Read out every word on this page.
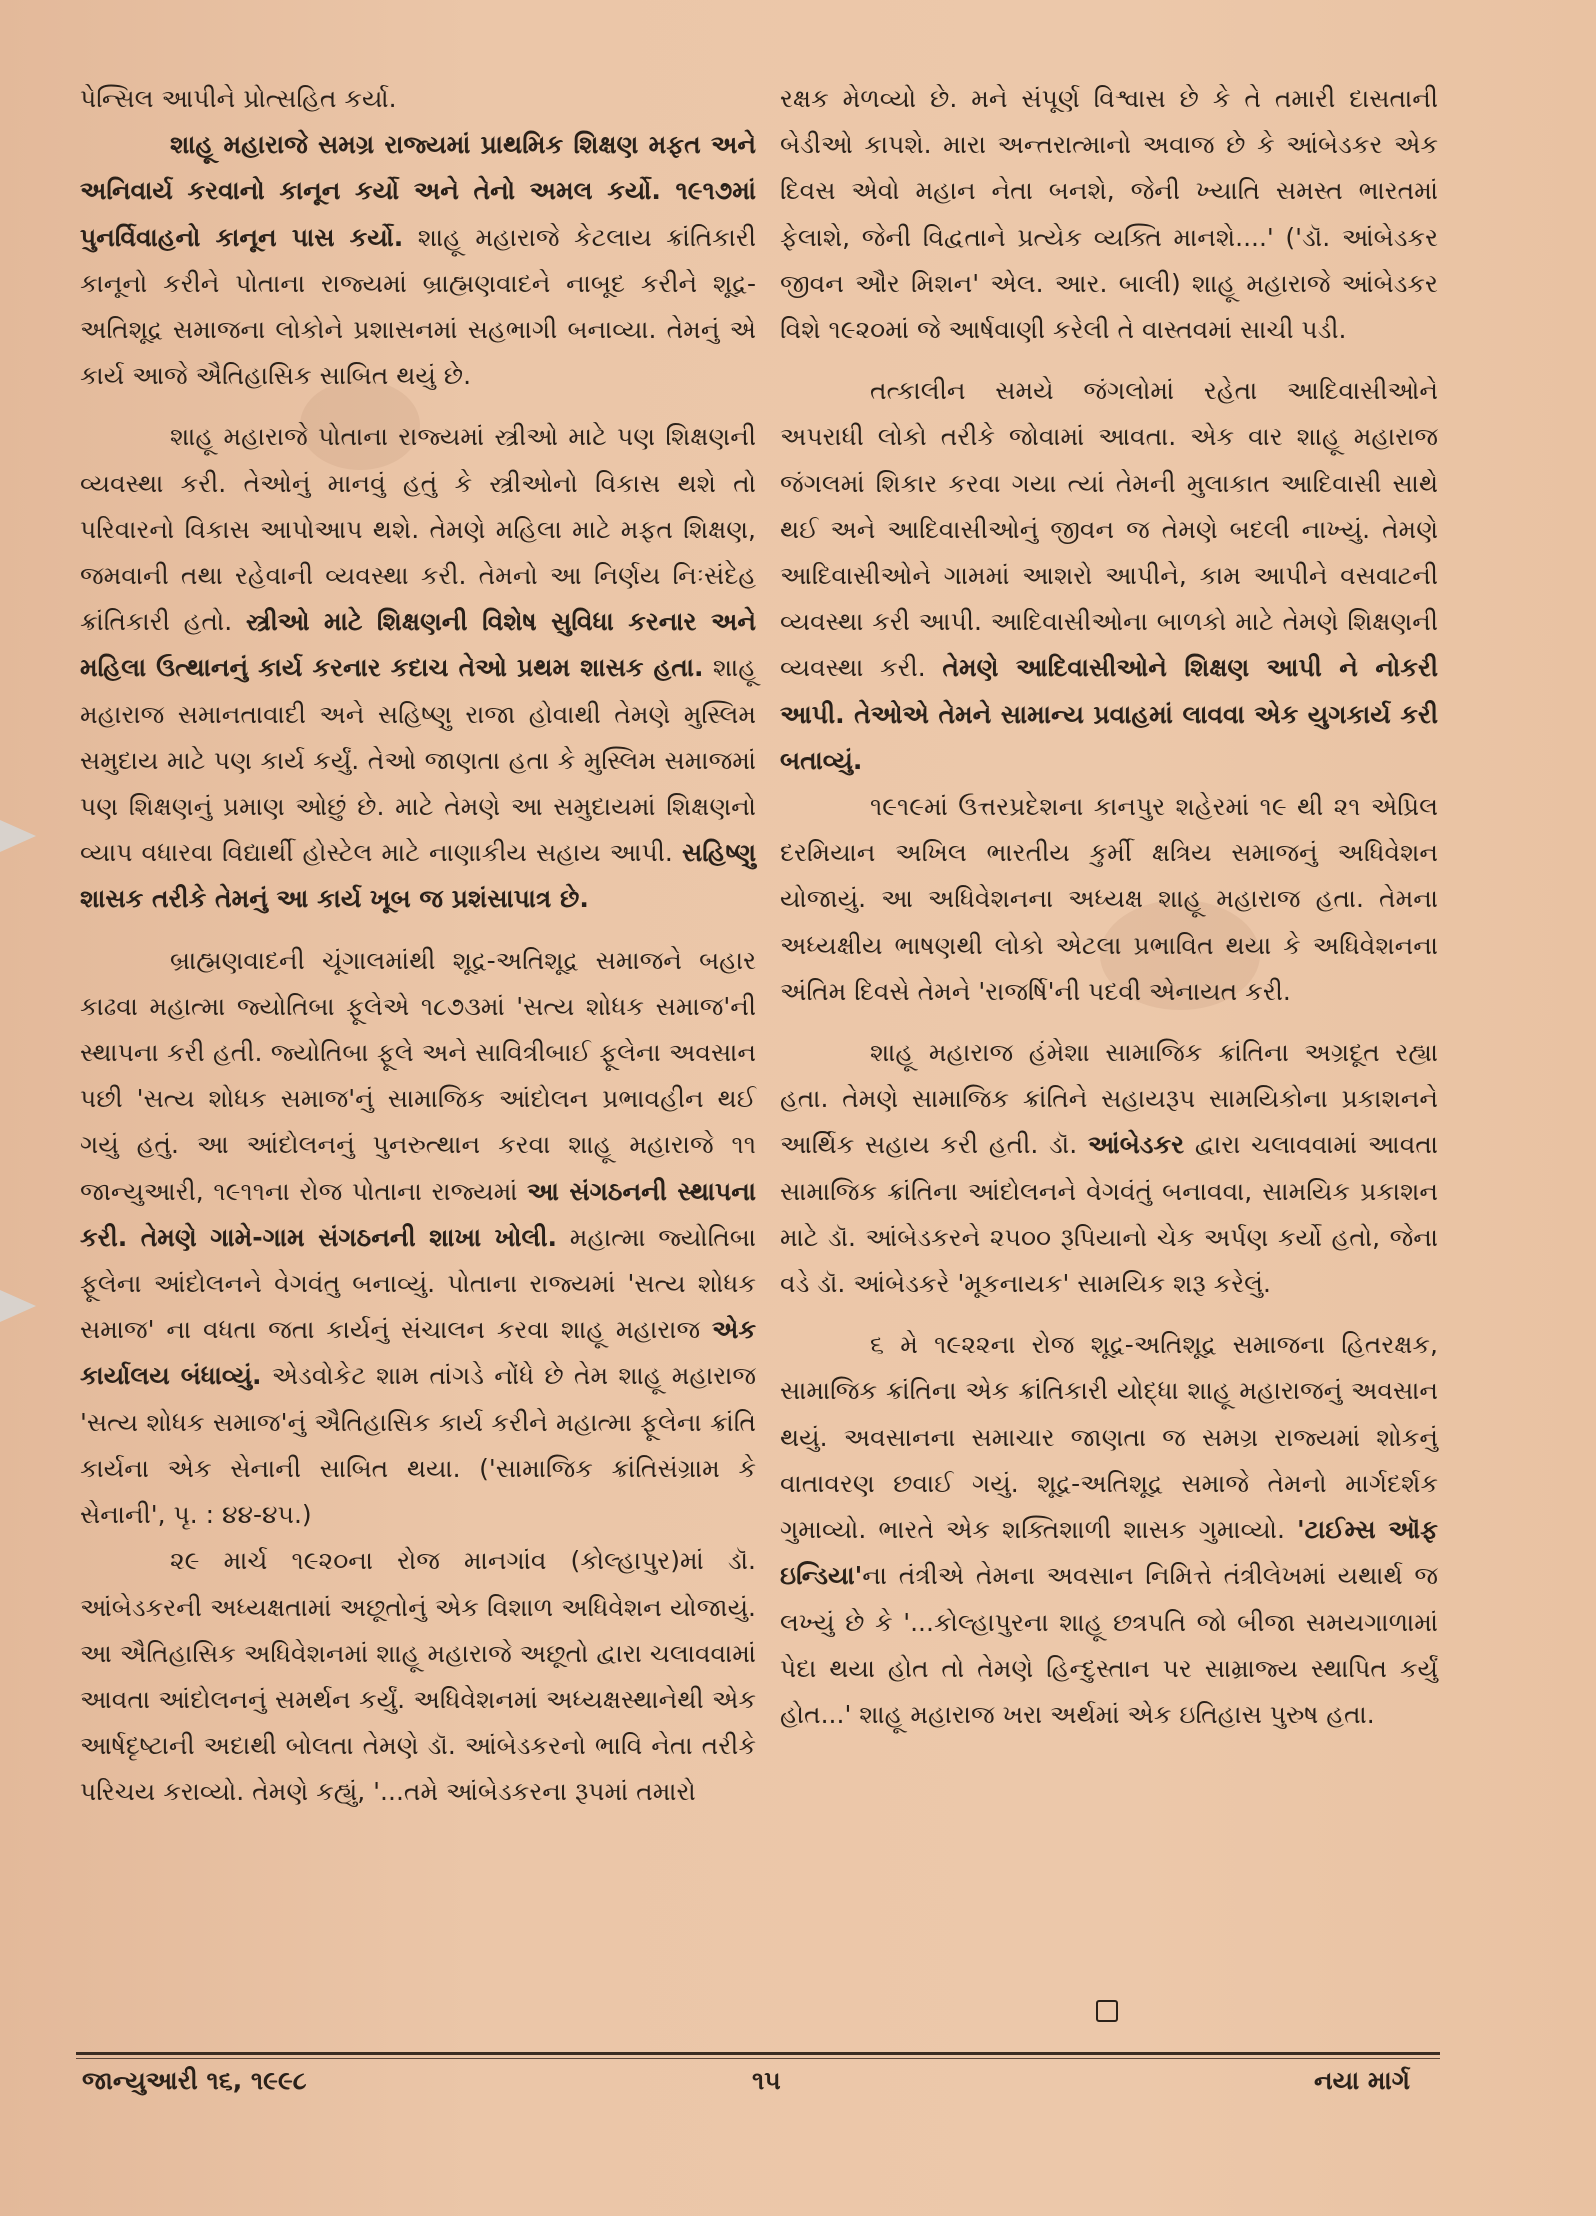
પેન્સિલ આપીને પ્રોત્સહિત કર્યા.

શાહૂ મહારાજે સમગ્ર રાજ્યમાં પ્રાથમિક શિક્ષણ મફત અને અનિવાર્ય કરવાનો કાનૂન કર્યો અને તેનો અમલ કર્યો. ૧૯૧૭માં પુનર્વિવાહનો કાનૂન પાસ કર્યો. શાહૂ મહારાજે કેટલાય ક્રાંતિકારી કાનૂનો કરીને પોતાના રાજ્યમાં બ્રાહ્મણવાદને નાબૂદ કરીને શૂદ્ર-અતિશૂદ્ર સમાજના લોકોને પ્રશાસનમાં સહભાગી બનાવ્યા. તેમનું એ કાર્ય આજે ઐતિહાસિક સાબિત થયું છે.

શાહૂ મહારાજે પોતાના રાજ્યમાં સ્ત્રીઓ માટે પણ શિક્ષણની વ્યવસ્થા કરી. તેઓનું માનવું હતું કે સ્ત્રીઓનો વિકાસ થશે તો પરિવારનો વિકાસ આપોઆપ થશે. તેમણે મહિલા માટે મફત શિક્ષણ, જમવાની તથા રહેવાની વ્યવસ્થા કરી. તેમનો આ નિર્ણય નિઃસંદેહ ક્રાંતિકારી હતો. સ્ત્રીઓ માટે શિક્ષણની વિશેષ સુવિધા કરનાર અને મહિલા ઉત્થાનનું કાર્ય કરનાર કદાચ તેઓ પ્રથમ શાસક હતા. શાહૂ મહારાજ સમાનતાવાદી અને સહિષ્ણુ રાજા હોવાથી તેમણે મુસ્લિમ સમુદાય માટે પણ કાર્ય કર્યું. તેઓ જાણતા હતા કે મુસ્લિમ સમાજમાં પણ શિક્ષણનું પ્રમાણ ઓછું છે. માટે તેમણે આ સમુદાયમાં શિક્ષણનો વ્યાપ વધારવા વિદ્યાર્થી હોસ્ટેલ માટે નાણાકીય સહાય આપી. સહિષ્ણુ શાસક તરીકે તેમનું આ કાર્ય ખૂબ જ પ્રશંસાપાત્ર છે.

બ્રાહ્મણવાદની ચૂંગાલમાંથી શૂદ્ર-અતિશૂદ્ર સમાજને બહાર કાઢવા મહાત્મા જ્યોતિબા ફૂલેએ ૧૮૭૩માં 'સત્ય શોધક સમાજ'ની સ્થાપના કરી હતી. જ્યોતિબા ફૂલે અને સાવિત્રીબાઈ ફૂલેના અવસાન પછી 'સત્ય શોધક સમાજ'નું સામાજિક આંદોલન પ્રભાવહીન થઈ ગયું હતું. આ આંદોલનનું પુનરુત્થાન કરવા શાહૂ મહારાજે ૧૧ જાન્યુઆરી, ૧૯૧૧ના રોજ પોતાના રાજ્યમાં આ સંગઠનની સ્થાપના કરી. તેમણે ગામે-ગામ સંગઠનની શાખા ખોલી. મહાત્મા જ્યોતિબા ફૂલેના આંદોલનને વેગવંતુ બનાવ્યું. પોતાના રાજ્યમાં 'સત્ય શોધક સમાજ' ના વધતા જતા કાર્યનું સંચાલન કરવા શાહૂ મહારાજ એક કાર્યાલય બંધાવ્યું. એડવોકેટ શામ તાંગડે નોંધે છે તેમ શાહૂ મહારાજ 'સત્ય શોધક સમાજ'નું ઐતિહાસિક કાર્ય કરીને મહાત્મા ફૂલેના ક્રાંતિ કાર્યના એક સેનાની સાબિત થયા. ('સામાજિક ક્રાંતિસંગ્રામ કે સેનાની', પૃ. : ૪૪-૪૫.)

૨૯ માર્ચ ૧૯૨૦ના રોજ માનગાંવ (કોલ્હાપુર)માં ડૉ. આંબેડકરની અધ્યક્ષતામાં અછૂતોનું એક વિશાળ અધિવેશન યોજાયું. આ ઐતિહાસિક અધિવેશનમાં શાહૂ મહારાજે અછૂતો દ્વારા ચલાવવામાં આવતા આંદોલનનું સમર્થન કર્યું. અધિવેશનમાં અધ્યક્ષસ્થાનેથી એક આર્ષદૃષ્ટાની અદાથી બોલતા તેમણે ડૉ. આંબેડકરનો ભાવિ નેતા તરીકે પરિચય કરાવ્યો. તેમણે કહ્યું, '...તમે આંબેડકરના રૂપમાં તમારો

રક્ષક મેળવ્યો છે. મને સંપૂર્ણ વિશ્વાસ છે કે તે તમારી દાસતાની બેડીઓ કાપશે. મારા અન્તરાત્માનો અવાજ છે કે આંબેડકર એક દિવસ એવો મહાન નેતા બનશે, જેની ખ્યાતિ સમસ્ત ભારતમાં ફેલાશે, જેની વિદ્વતાને પ્રત્યેક વ્યક્તિ માનશે....' ('ડૉ. આંબેડકર જીવન ઔર મિશન' એલ. આર. બાલી) શાહૂ મહારાજે આંબેડકર વિશે ૧૯૨૦માં જે આર્ષવાણી કરેલી તે વાસ્તવમાં સાચી પડી.

તત્કાલીન સમયે જંગલોમાં રહેતા આદિવાસીઓને અપરાધી લોકો તરીકે જોવામાં આવતા. એક વાર શાહૂ મહારાજ જંગલમાં શિકાર કરવા ગયા ત્યાં તેમની મુલાકાત આદિવાસી સાથે થઈ અને આદિવાસીઓનું જીવન જ તેમણે બદલી નાખ્યું. તેમણે આદિવાસીઓને ગામમાં આશરો આપીને, કામ આપીને વસવાટની વ્યવસ્થા કરી આપી. આદિવાસીઓના બાળકો માટે તેમણે શિક્ષણની વ્યવસ્થા કરી. તેમણે આદિવાસીઓને શિક્ષણ આપી ને નોકરી આપી. તેઓએ તેમને સામાન્ય પ્રવાહમાં લાવવા એક યુગકાર્ય કરી બતાવ્યું.

૧૯૧૯માં ઉત્તરપ્રદેશના કાનપુર શહેરમાં ૧૯ થી ૨૧ એપ્રિલ દરમિયાન અખિલ ભારતીય કુર્મી ક્ષત્રિય સમાજનું અધિવેશન યોજાયું. આ અધિવેશનના અધ્યક્ષ શાહૂ મહારાજ હતા. તેમના અધ્યક્ષીય ભાષણથી લોકો એટલા પ્રભાવિત થયા કે અધિવેશનના અંતિમ દિવસે તેમને 'રાજર્ષિ'ની પદવી એનાયત કરી.

શાહૂ મહારાજ હંમેશા સામાજિક ક્રાંતિના અગ્રદૂત રહ્યા હતા. તેમણે સામાજિક ક્રાંતિને સહાયરૂપ સામયિકોના પ્રકાશનને આર્થિક સહાય કરી હતી. ડૉ. આંબેડકર દ્વારા ચલાવવામાં આવતા સામાજિક ક્રાંતિના આંદોલનને વેગવંતું બનાવવા, સામયિક પ્રકાશન માટે ડૉ. આંબેડકરને ૨૫૦૦ રૂપિયાનો ચેક અર્પણ કર્યો હતો, જેના વડે ડૉ. આંબેડકરે 'મૂકનાયક' સામયિક શરૂ કરેલું.

૬ મે ૧૯૨૨ના રોજ શૂદ્ર-અતિશૂદ્ર સમાજના હિતરક્ષક, સામાજિક ક્રાંતિના એક ક્રાંતિકારી યોદ્ધા શાહૂ મહારાજનું અવસાન થયું. અવસાનના સમાચાર જાણતા જ સમગ્ર રાજ્યમાં શોકનું વાતાવરણ છવાઈ ગયું. શૂદ્ર-અતિશૂદ્ર સમાજે તેમનો માર્ગદર્શક ગુમાવ્યો. ભારતે એક શક્તિશાળી શાસક ગુમાવ્યો. 'ટાઈમ્સ ઑફ ઇન્ડિયા'ના તંત્રીએ તેમના અવસાન નિમિત્તે તંત્રીલેખમાં યથાર્થ જ લખ્યું છે કે '...કોલ્હાપુરના શાહૂ છત્રપતિ જો બીજા સમયગાળામાં પેદા થયા હોત તો તેમણે હિન્દુસ્તાન પર સામ્રાજ્ય સ્થાપિત કર્યું હોત...' શાહૂ મહારાજ ખરા અર્થમાં એક ઇતિહાસ પુરુષ હતા.

જાન્યુઆરી ૧૬, ૧૯૯૮	૧૫	નયા માર્ગ
